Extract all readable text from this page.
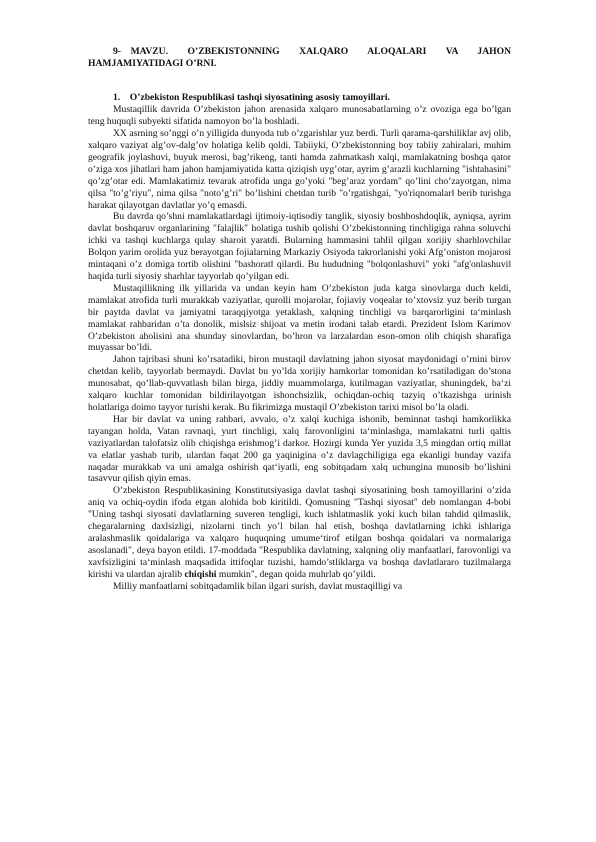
9- MAVZU. O’ZBEKISTONNING XALQARO ALOQALARI VA JAHON HAMJAMIYATIDAGI O’RNI.

1. O’zbekiston Respublikasi tashqi siyosatining asosiy tamoyillari.

Mustaqillik davrida O’zbekiston jahon arenasida xalqaro munosabatlarning o’z ovoziga ega bo’lgan teng huquqli subyekti sifatida namoyon bo’la boshladi.

XX asrning so’nggi o’n yilligida dunyoda tub o’zgarishlar yuz berdi. Turli qarama-qarshiliklar avj olib, xalqaro vaziyat alg’ov-dalg’ov holatiga kelib qoldi. Tabiiyki, O’zbekistonning boy tabiiy zahiralari, muhim geografik joylashuvi, buyuk merosi, bag’rikeng, tanti hamda zahmatkash xalqi, mamlakatning boshqa qator o’ziga xos jihatlari ham jahon hamjamiyatida katta qiziqish uyg’otar, ayrim g’arazli kuchlarning "ishtahasini" qo’zg’otar edi. Mamlakatimiz tevarak atrofida unga go’yoki "beg’araz yordam" qo’lini cho’zayotgan, nima qilsa "to’g’riyu", nima qilsa "noto’g’ri" bo’lishini chetdan turib "o’rgatishgai, "yo'riqnomalar‖ berib turishga harakat qilayotgan davlatlar yo’q emasdi.

Bu davrda qo’shni mamlakatlardagi ijtimoiy-iqtisodiy tanglik, siyosiy boshboshdoqlik, ayniqsa, ayrim davlat boshqaruv organlarining "falajlik" holatiga tushib qolishi O’zbekistonning tinchligiga rahna soluvchi ichki va tashqi kuchlarga qulay sharoit yaratdi. Bularning hammasini tahlil qilgan xorijiy sharhlovchilar Bolqon yarim orolida yuz berayotgan fojialarning Markaziy Osiyoda takrorlanishi yoki Afg’oniston mojarosi mintaqani o’z domiga tortib olishini "bashorat‖ qilardi. Bu hududning "bolqonlashuvi" yoki "afg'onlashuvi‖ haqida turli siyosiy sharhlar tayyorlab qo’yilgan edi.

Mustaqillikning ilk yillarida va undan keyin ham O’zbekiston juda katga sinovlarga duch keldi, mamlakat atrofida turli murakkab vaziyatlar, qurolli mojarolar, fojiaviy voqealar to’xtovsiz yuz berib turgan bir paytda davlat va jamiyatni taraqqiyotga yetaklash, xalqning tinchligi va barqarorligini ta‘minlash mamlakat rahbaridan o’ta donolik, mislsiz shijoat va metin irodani talab etardi. Prezident Islom Karimov O’zbekiston aholisini ana shunday sinovlardan, bo’hron va larzalardan eson-omon olib chiqish sharafiga muyassar bo’ldi.

Jahon tajribasi shuni ko’rsatadiki, biron mustaqil davlatning jahon siyosat maydonidagi o’rnini birov chetdan kelib, tayyorlab bermaydi. Davlat bu yo’lda xorijiy hamkorlar tomonidan ko’rsatiladigan do’stona munosabat, qo’llab-quvvatlash bilan birga, jiddiy muammolarga, kutilmagan vaziyatlar, shuningdek, ba‘zi xalqaro kuchlar tomonidan bildirilayotgan ishonchsizlik, ochiqdan-ochiq tazyiq o’tkazishga urinish holatlariga doimo tayyor turishi kerak. Bu fikrimizga mustaqil O’zbekiston tarixi misol bo’la oladi.

Har bir davlat va uning rahbari, avvalo, o’z xalqi kuchiga ishonib, beminnat tashqi hamkorlikka tayangan holda, Vatan ravnaqi, yurt tinchligi, xalq farovonligini ta‘minlashga, mamlakatni turli qaltis vaziyatlardan talofatsiz olib chiqishga erishmog’i darkor. Hozirgi kunda Yer yuzida 3,5 mingdan ortiq millat va elatlar yashab turib, ulardan faqat 200 ga yaqinigina o’z davlagchiligiga ega ekanligi bunday vazifa naqadar murakkab va uni amalga oshirish qat‘iyatli, eng sobitqadam xalq uchungina munosib bo’lishini tasavvur qilish qiyin emas.

O’zbekiston Respublikasining Konstitutsiyasiga davlat tashqi siyosatining bosh tamoyillarini o’zida aniq va ochiq-oydin ifoda etgan alohida bob kiritildi. Qomusning "Tashqi siyosat" deb nomlangan 4-bobi "Uning tashqi siyosati davlatlarning suveren tengligi, kuch ishlatmaslik yoki kuch bilan tahdid qilmaslik, chegaralarning daxlsizligi, nizolarni tinch yo’l bilan hal etish, boshqa davlatlarning ichki ishlariga aralashmaslik qoidalariga va xalqaro huquqning umume‘tirof etilgan boshqa qoidalari va normalariga asoslanadi", deya bayon etildi. 17-moddada "Respublika davlatning, xalqning oliy manfaatlari, farovonligi va xavfsizligini ta‘minlash maqsadida ittifoqlar tuzishi, hamdo’stliklarga va boshqa davlatlararo tuzilmalarga kirishi va ulardan ajralib chiqishi mumkin", degan qoida muhrlab qo’yildi.

Milliy manfaatlarni sobitqadamlik bilan ilgari surish, davlat mustaqilligi va
